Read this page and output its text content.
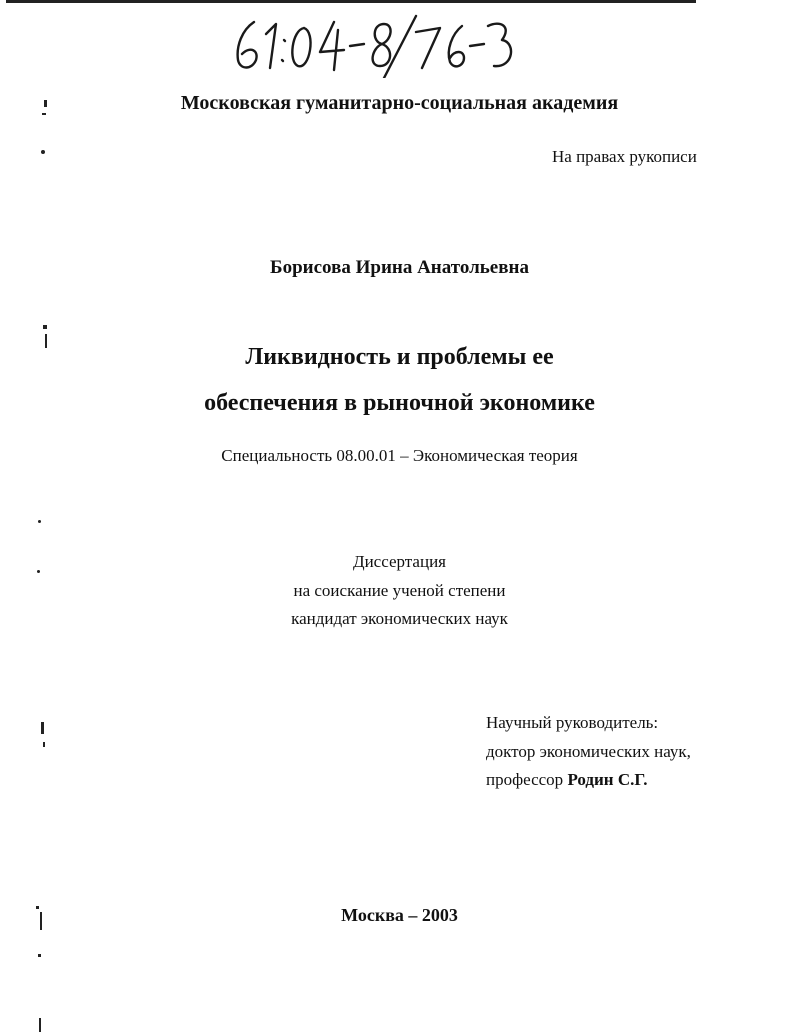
Московская гуманитарно-социальная академия
На правах рукописи
Борисова Ирина Анатольевна
Ликвидность и проблемы ее
обеспечения в рыночной экономике
Специальность 08.00.01 – Экономическая теория
Диссертация
на соискание ученой степени
кандидат экономических наук
Научный руководитель:
доктор экономических наук,
профессор Родин С.Г.
Москва – 2003
